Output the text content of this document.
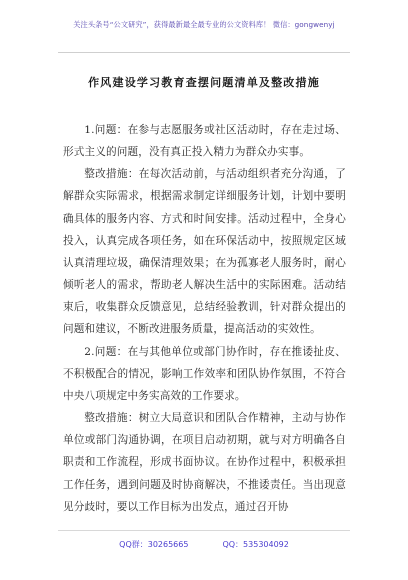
关注头条号“公文研究”，获得最新最全最专业的公文资料库！ 微信：gongwenyj
作风建设学习教育查摆问题清单及整改措施

1.问题：在参与志愿服务或社区活动时，存在走过场、形式主义的问题，没有真正投入精力为群众办实事。

整改措施：在每次活动前，与活动组织者充分沟通，了解群众实际需求，根据需求制定详细服务计划，计划中要明确具体的服务内容、方式和时间安排。活动过程中，全身心投入，认真完成各项任务，如在环保活动中，按照规定区域认真清理垃圾，确保清理效果；在为孤寡老人服务时，耐心倾听老人的需求，帮助老人解决生活中的实际困难。活动结束后，收集群众反馈意见，总结经验教训，针对群众提出的问题和建议，不断改进服务质量，提高活动的实效性。

2.问题：在与其他单位或部门协作时，存在推诿扯皮、不积极配合的情况，影响工作效率和团队协作氛围，不符合中央八项规定中务实高效的工作要求。

整改措施：树立大局意识和团队合作精神，主动与协作单位或部门沟通协调，在项目启动初期，就与对方明确各自职责和工作流程，形成书面协议。在协作过程中，积极承担工作任务，遇到问题及时协商解决，不推诿责任。当出现意见分歧时，要以工作目标为出发点，通过召开协

QQ群：30265665	QQ：535304092
